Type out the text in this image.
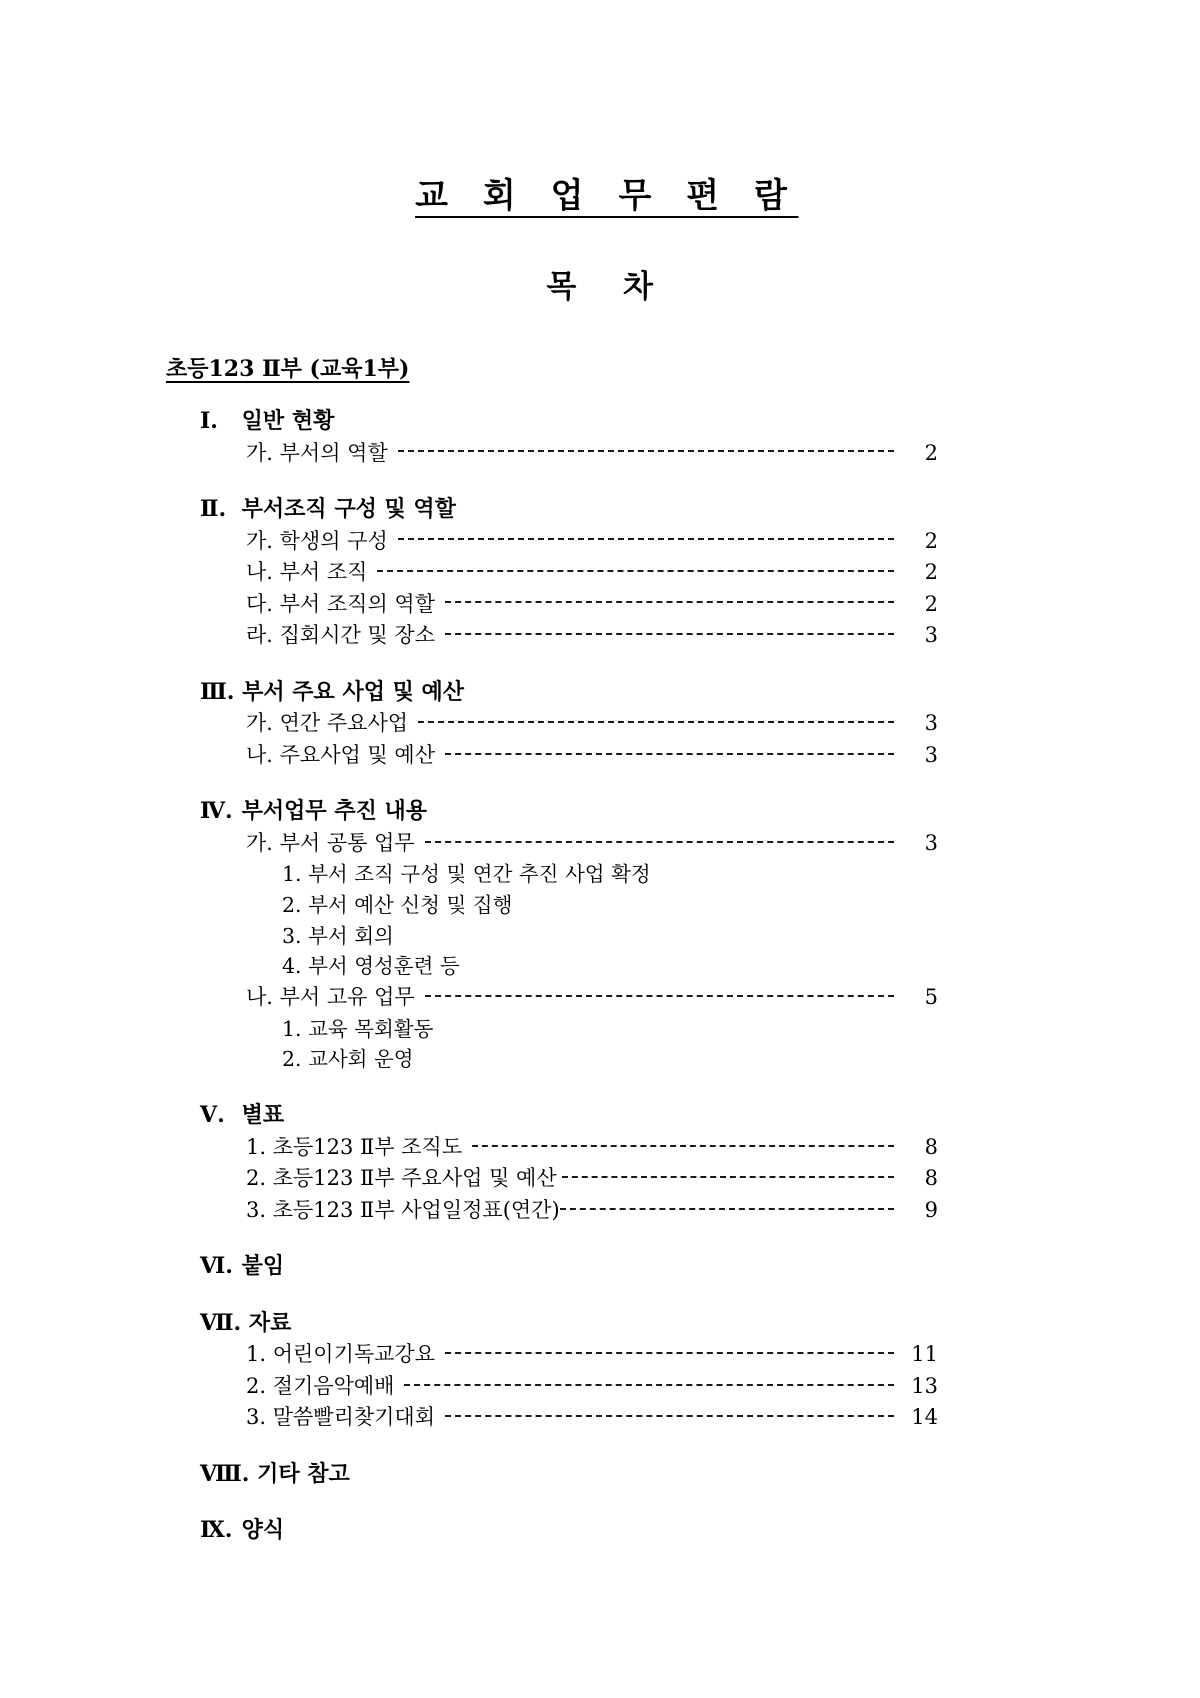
교 회 업 무 편 람
목 차
초등123 Ⅱ부 (교육1부)
Ⅰ. 일반 현황
가. 부서의 역할	2
Ⅱ. 부서조직 구성 및 역할
가. 학생의 구성	2
나. 부서 조직	2
다. 부서 조직의 역할	2
라. 집회시간 및 장소	3
Ⅲ. 부서 주요 사업 및 예산
가. 연간 주요사업	3
나. 주요사업 및 예산	3
Ⅳ. 부서업무 추진 내용
가. 부서 공통 업무	3
1. 부서 조직 구성 및 연간 추진 사업 확정
2. 부서 예산 신청 및 집행
3. 부서 회의
4. 부서 영성훈련 등
나. 부서 고유 업무	5
1. 교육 목회활동
2. 교사회 운영
Ⅴ. 별표
1. 초등123 Ⅱ부 조직도	8
2. 초등123 Ⅱ부 주요사업 및 예산	8
3. 초등123 Ⅱ부 사업일정표(연간)	9
Ⅵ. 붙임
Ⅶ. 자료
1. 어린이기독교강요	11
2. 절기음악예배	13
3. 말씀빨리찾기대회	14
Ⅷ. 기타 참고
Ⅸ. 양식
